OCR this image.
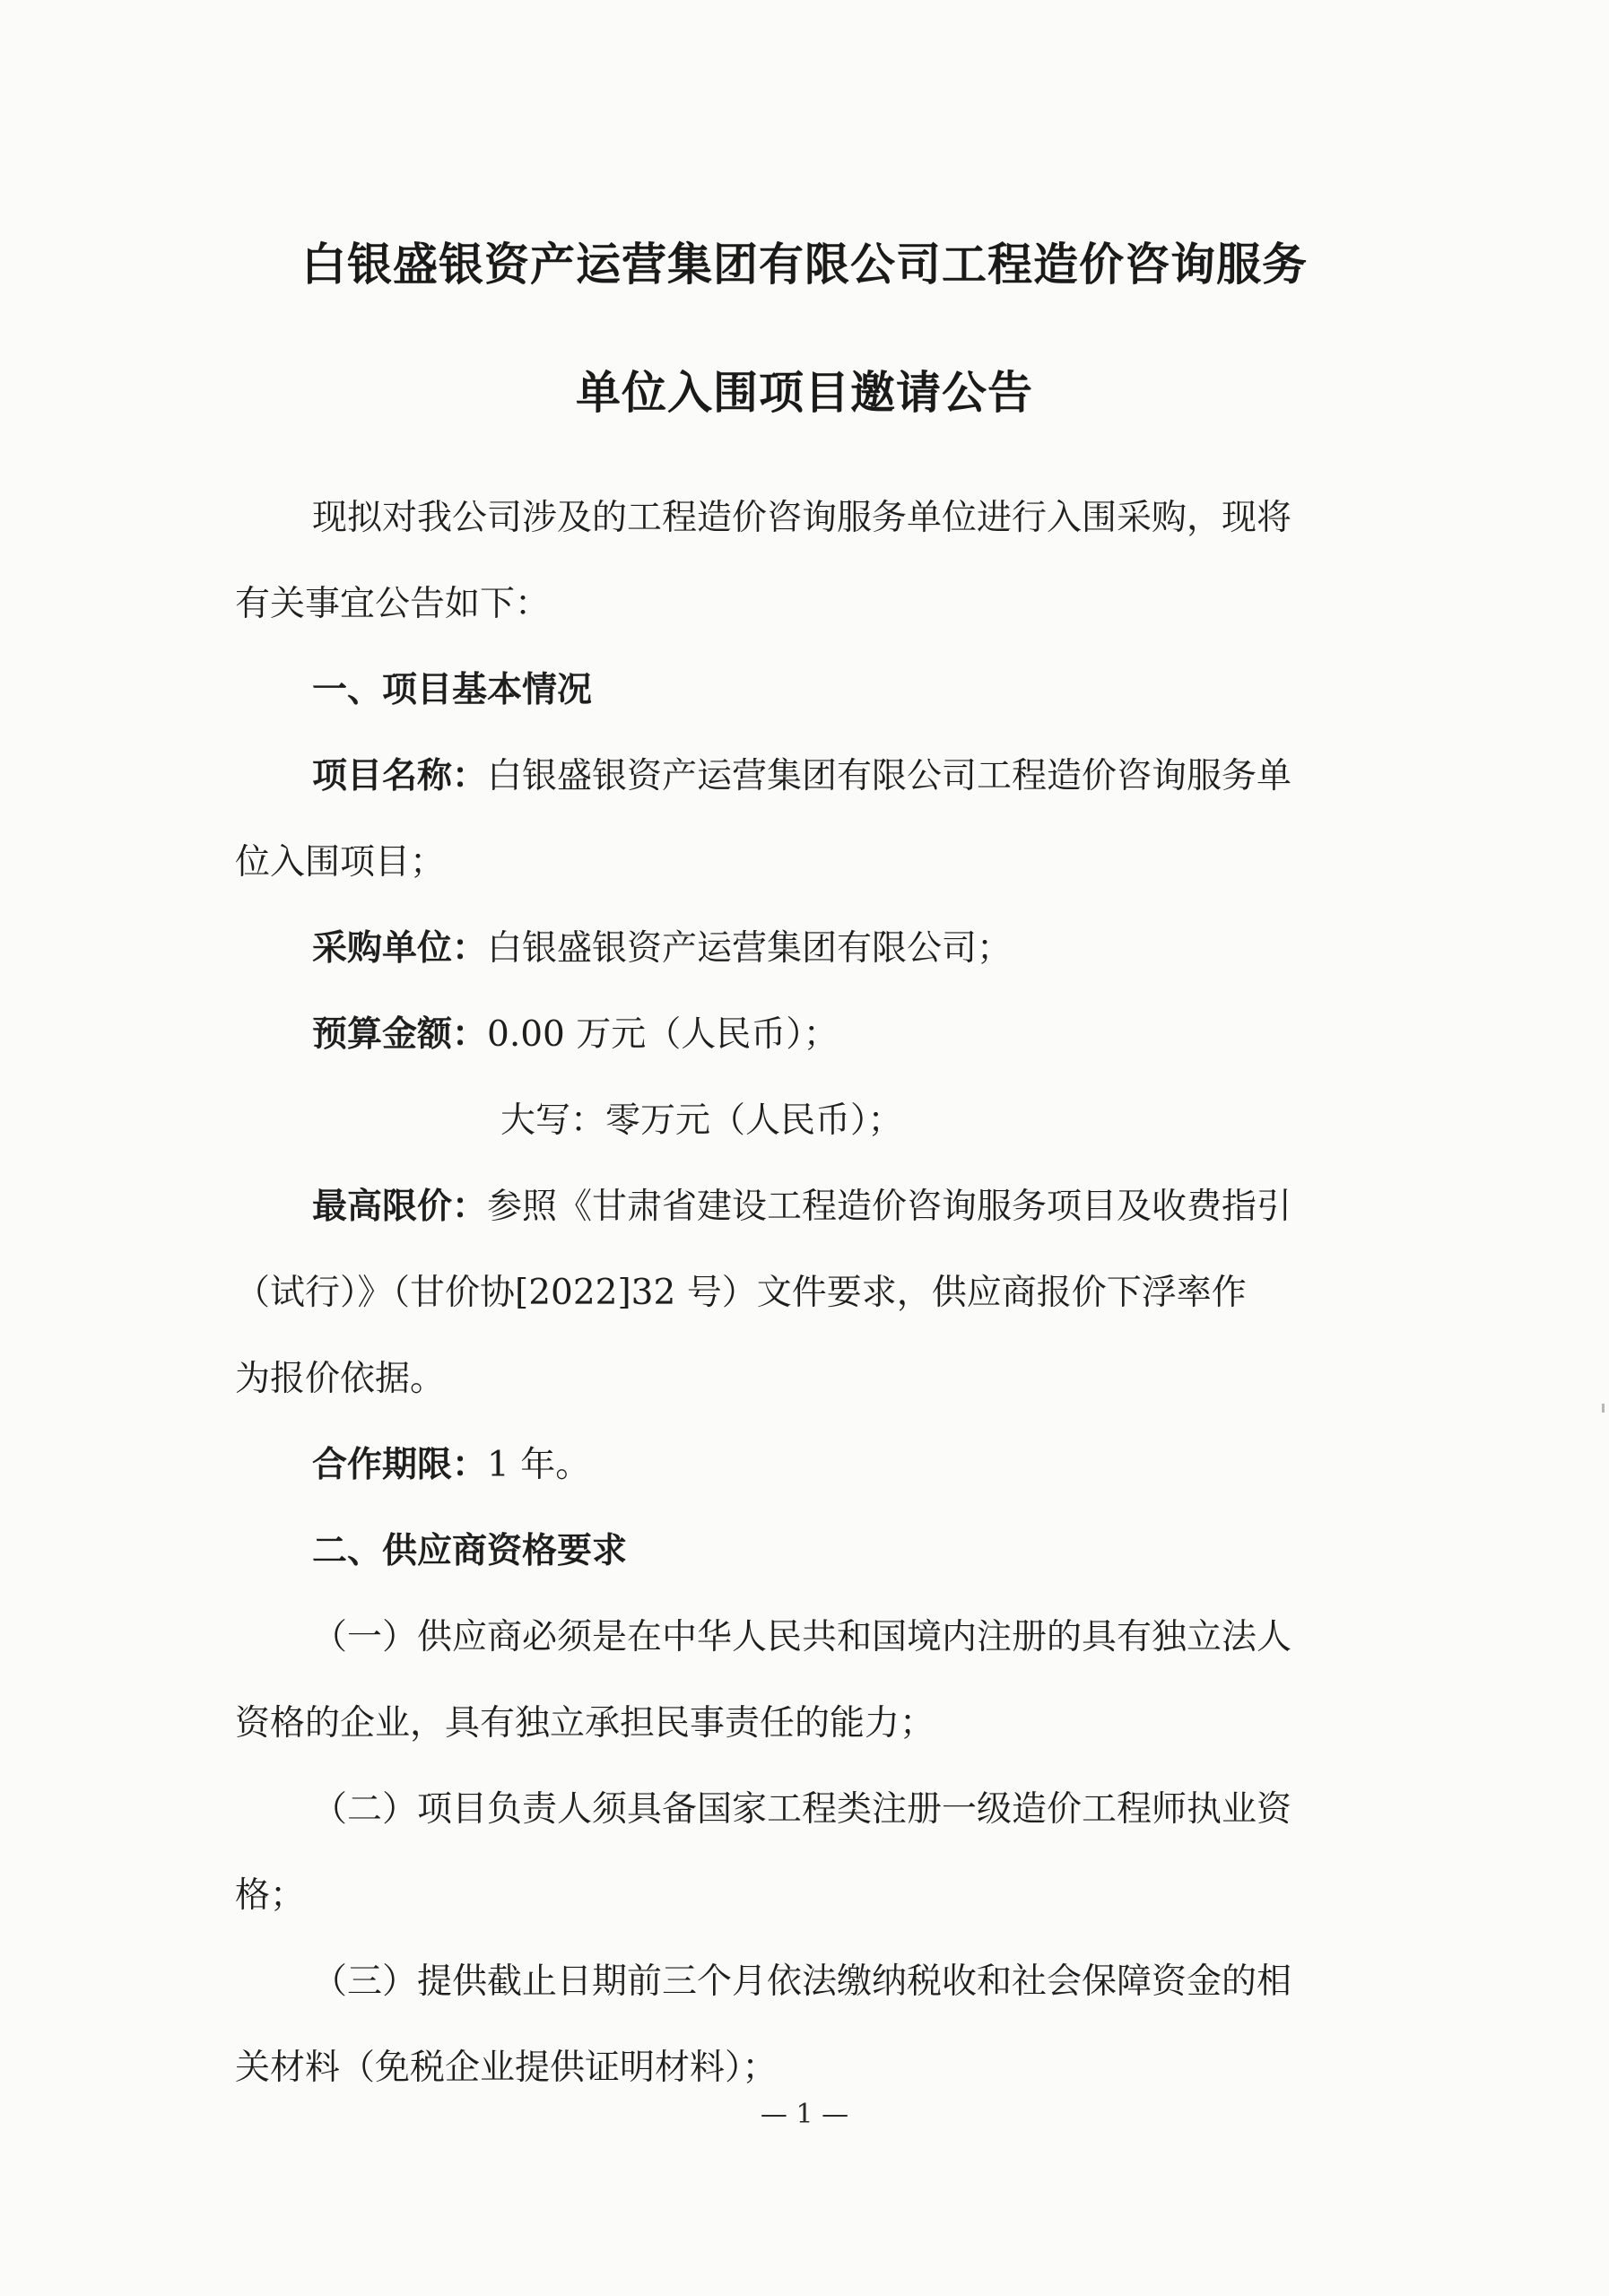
白银盛银资产运营集团有限公司工程造价咨询服务
单位入围项目邀请公告
现拟对我公司涉及的工程造价咨询服务单位进行入围采购，现将
有关事宜公告如下：
一、项目基本情况
项目名称：白银盛银资产运营集团有限公司工程造价咨询服务单
位入围项目；
采购单位：白银盛银资产运营集团有限公司；
预算金额：0.00 万元（人民币）；
大写：零万元（人民币）；
最高限价：参照《甘肃省建设工程造价咨询服务项目及收费指引
（试行）》（甘价协[2022]32 号）文件要求，供应商报价下浮率作
为报价依据。
合作期限：1 年。
二、供应商资格要求
（一）供应商必须是在中华人民共和国境内注册的具有独立法人
资格的企业，具有独立承担民事责任的能力；
（二）项目负责人须具备国家工程类注册一级造价工程师执业资
格；
（三）提供截止日期前三个月依法缴纳税收和社会保障资金的相
关材料（免税企业提供证明材料）；
— 1 —
